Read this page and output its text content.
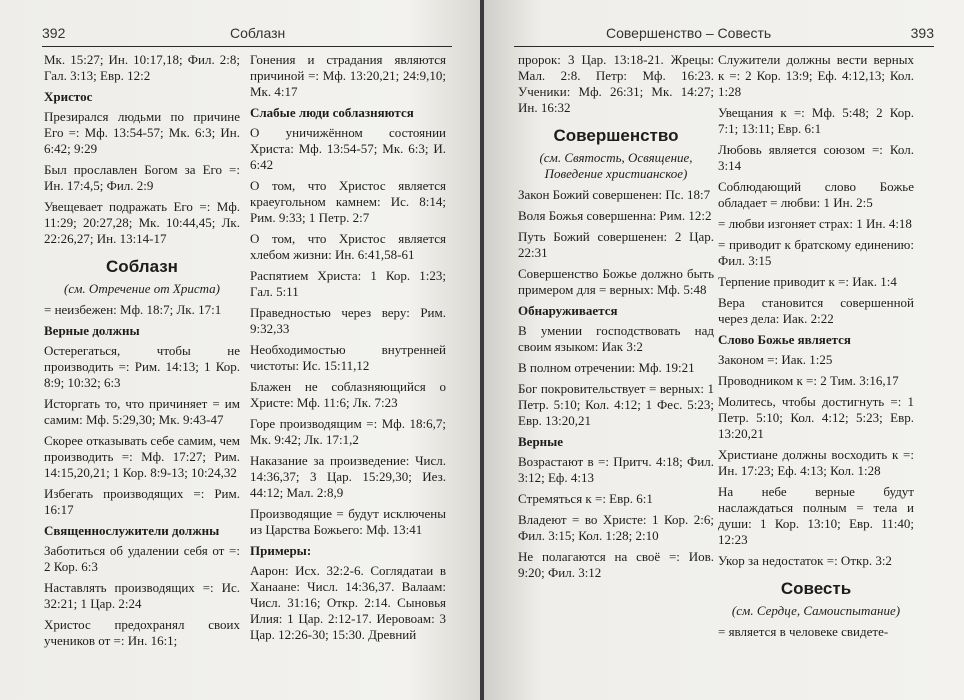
392	Соблазн

Мк. 15:27; Ин. 10:17,18; Фил. 2:8; Гал. 3:13; Евр. 12:2

Христос

Презирался людьми по причине Его =: Мф. 13:54-57; Мк. 6:3; Ин. 6:42; 9:29

Был прославлен Богом за Его =: Ин. 17:4,5; Фил. 2:9

Увещевает подражать Его =: Мф. 11:29; 20:27,28; Мк. 10:44,45; Лк. 22:26,27; Ин. 13:14-17

Соблазн

(см. Отречение от Христа)

= неизбежен: Мф. 18:7; Лк. 17:1

Верные должны

Остерегаться, чтобы не производить =: Рим. 14:13; 1 Кор. 8:9; 10:32; 6:3

Исторгать то, что причиняет = им самим: Мф. 5:29,30; Мк. 9:43-47

Скорее отказывать себе самим, чем производить =: Мф. 17:27; Рим. 14:15,20,21; 1 Кор. 8:9-13; 10:24,32

Избегать производящих =: Рим. 16:17

Священнослужители должны

Заботиться об удалении себя от =: 2 Кор. 6:3

Наставлять производящих =: Ис. 32:21; 1 Цар. 2:24

Христос предохранял своих учеников от =: Ин. 16:1;

Гонения и страдания являются причиной =: Мф. 13:20,21; 24:9,10; Мк. 4:17

Слабые люди соблазняются

О уничижённом состоянии Христа: Мф. 13:54-57; Мк. 6:3; И. 6:42

О том, что Христос является краеугольном камнем: Ис. 8:14; Рим. 9:33; 1 Петр. 2:7

О том, что Христос является хлебом жизни: Ин. 6:41,58-61

Распятием Христа: 1 Кор. 1:23; Гал. 5:11

Праведностью через веру: Рим. 9:32,33

Необходимостью внутренней чистоты: Ис. 15:11,12

Блажен не соблазняющийся о Христе: Мф. 11:6; Лк. 7:23

Горе производящим =: Мф. 18:6,7; Мк. 9:42; Лк. 17:1,2

Наказание за произведение: Числ. 14:36,37; 3 Цар. 15:29,30; Иез. 44:12; Мал. 2:8,9

Производящие = будут исключены из Царства Божьего: Мф. 13:41

Примеры:

Аарон: Исх. 32:2-6. Соглядатаи в Ханаане: Числ. 14:36,37. Валаам: Числ. 31:16; Откр. 2:14. Сыновья Илия: 1 Цар. 2:12-17. Иеровоам: 3 Цар. 12:26-30; 15:30. Древний

Совершенство – Совесть	393

пророк: 3 Цар. 13:18-21. Жрецы: Мал. 2:8. Петр: Мф. 16:23. Ученики: Мф. 26:31; Мк. 14:27; Ин. 16:32

Совершенство

(см. Святость, Освящение, Поведение христианское)

Закон Божий совершенен: Пс. 18:7

Воля Божья совершенна: Рим. 12:2

Путь Божий совершенен: 2 Цар. 22:31

Совершенство Божье должно быть примером для = верных: Мф. 5:48

Обнаруживается

В умении господствовать над своим языком: Иак 3:2

В полном отречении: Мф. 19:21

Бог покровительствует = верных: 1 Петр. 5:10; Кол. 4:12; 1 Фес. 5:23; Евр. 13:20,21

Верные

Возрастают в =: Притч. 4:18; Фил. 3:12; Еф. 4:13

Стремяться к =: Евр. 6:1

Владеют = во Христе: 1 Кор. 2:6; Фил. 3:15; Кол. 1:28; 2:10

Не полагаются на своё =: Иов. 9:20; Фил. 3:12

Служители должны вести верных к =: 2 Кор. 13:9; Еф. 4:12,13; Кол. 1:28

Увещания к =: Мф. 5:48; 2 Кор. 7:1; 13:11; Евр. 6:1

Любовь является союзом =: Кол. 3:14

Соблюдающий слово Божье обладает = любви: 1 Ин. 2:5

= любви изгоняет страх: 1 Ин. 4:18

= приводит к братскому единению: Фил. 3:15

Терпение приводит к =: Иак. 1:4

Вера становится совершенной через дела: Иак. 2:22

Слово Божье является

Законом =: Иак. 1:25

Проводником к =: 2 Тим. 3:16,17

Молитесь, чтобы достигнуть =: 1 Петр. 5:10; Кол. 4:12; 5:23; Евр. 13:20,21

Христиане должны восходить к =: Ин. 17:23; Еф. 4:13; Кол. 1:28

На небе верные будут наслаждаться полным = тела и души: 1 Кор. 13:10; Евр. 11:40; 12:23

Укор за недостаток =: Откр. 3:2

Совесть

(см. Сердце, Самоиспытание)

= является в человеке свидете-
